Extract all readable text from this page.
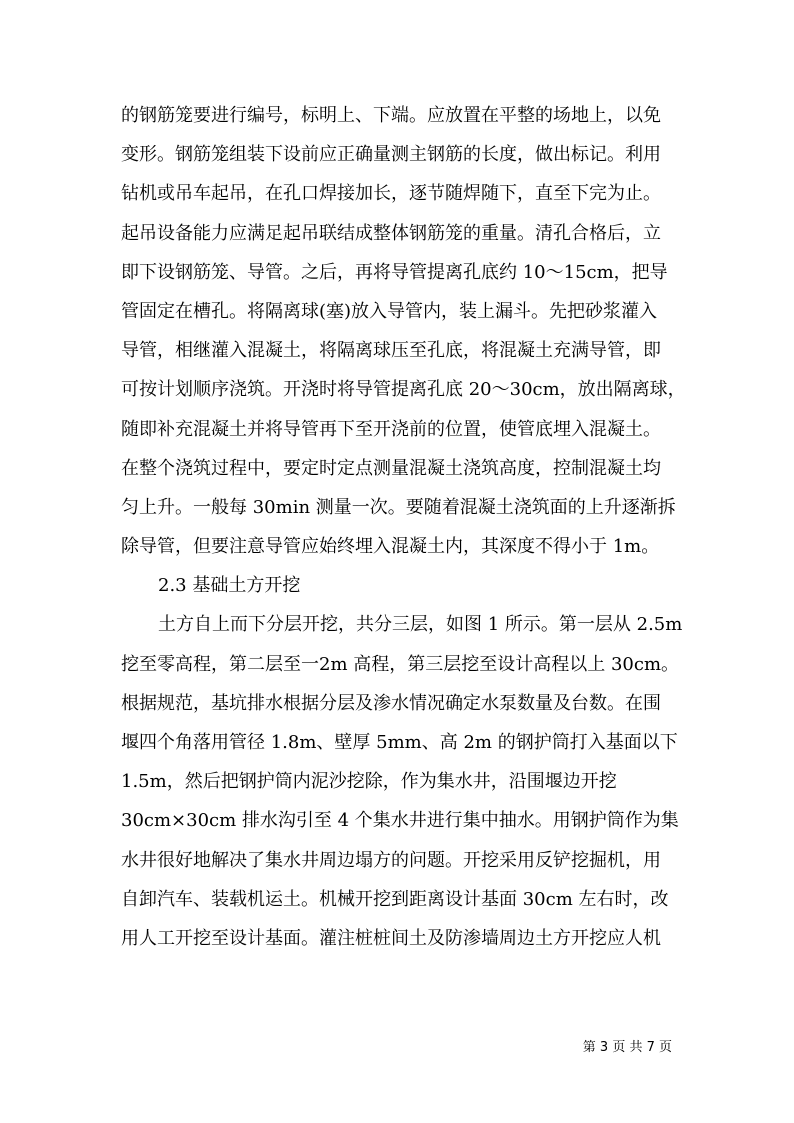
的钢筋笼要进行编号，标明上、下端。应放置在平整的场地上，以免
变形。钢筋笼组装下设前应正确量测主钢筋的长度，做出标记。利用
钻机或吊车起吊，在孔口焊接加长，逐节随焊随下，直至下完为止。
起吊设备能力应满足起吊联结成整体钢筋笼的重量。清孔合格后，立
即下设钢筋笼、导管。之后，再将导管提离孔底约 10～15cm，把导
管固定在槽孔。将隔离球(塞)放入导管内，装上漏斗。先把砂浆灌入
导管，相继灌入混凝土，将隔离球压至孔底，将混凝土充满导管，即
可按计划顺序浇筑。开浇时将导管提离孔底 20～30cm，放出隔离球，
随即补充混凝土并将导管再下至开浇前的位置，使管底埋入混凝土。
在整个浇筑过程中，要定时定点测量混凝土浇筑高度，控制混凝土均
匀上升。一般每 30min 测量一次。要随着混凝土浇筑面的上升逐渐拆
除导管，但要注意导管应始终埋入混凝土内，其深度不得小于 1m。
2.3 基础土方开挖
土方自上而下分层开挖，共分三层，如图 1 所示。第一层从 2.5m
挖至零高程，第二层至一2m 高程，第三层挖至设计高程以上 30cm。
根据规范，基坑排水根据分层及渗水情况确定水泵数量及台数。在围
堰四个角落用管径 1.8m、壁厚 5mm、高 2m 的钢护筒打入基面以下
1.5m，然后把钢护筒内泥沙挖除，作为集水井，沿围堰边开挖
30cm×30cm 排水沟引至 4 个集水井进行集中抽水。用钢护筒作为集
水井很好地解决了集水井周边塌方的问题。开挖采用反铲挖掘机，用
自卸汽车、装载机运土。机械开挖到距离设计基面 30cm 左右时，改
用人工开挖至设计基面。灌注桩桩间土及防渗墙周边土方开挖应人机
第 3 页 共 7 页
